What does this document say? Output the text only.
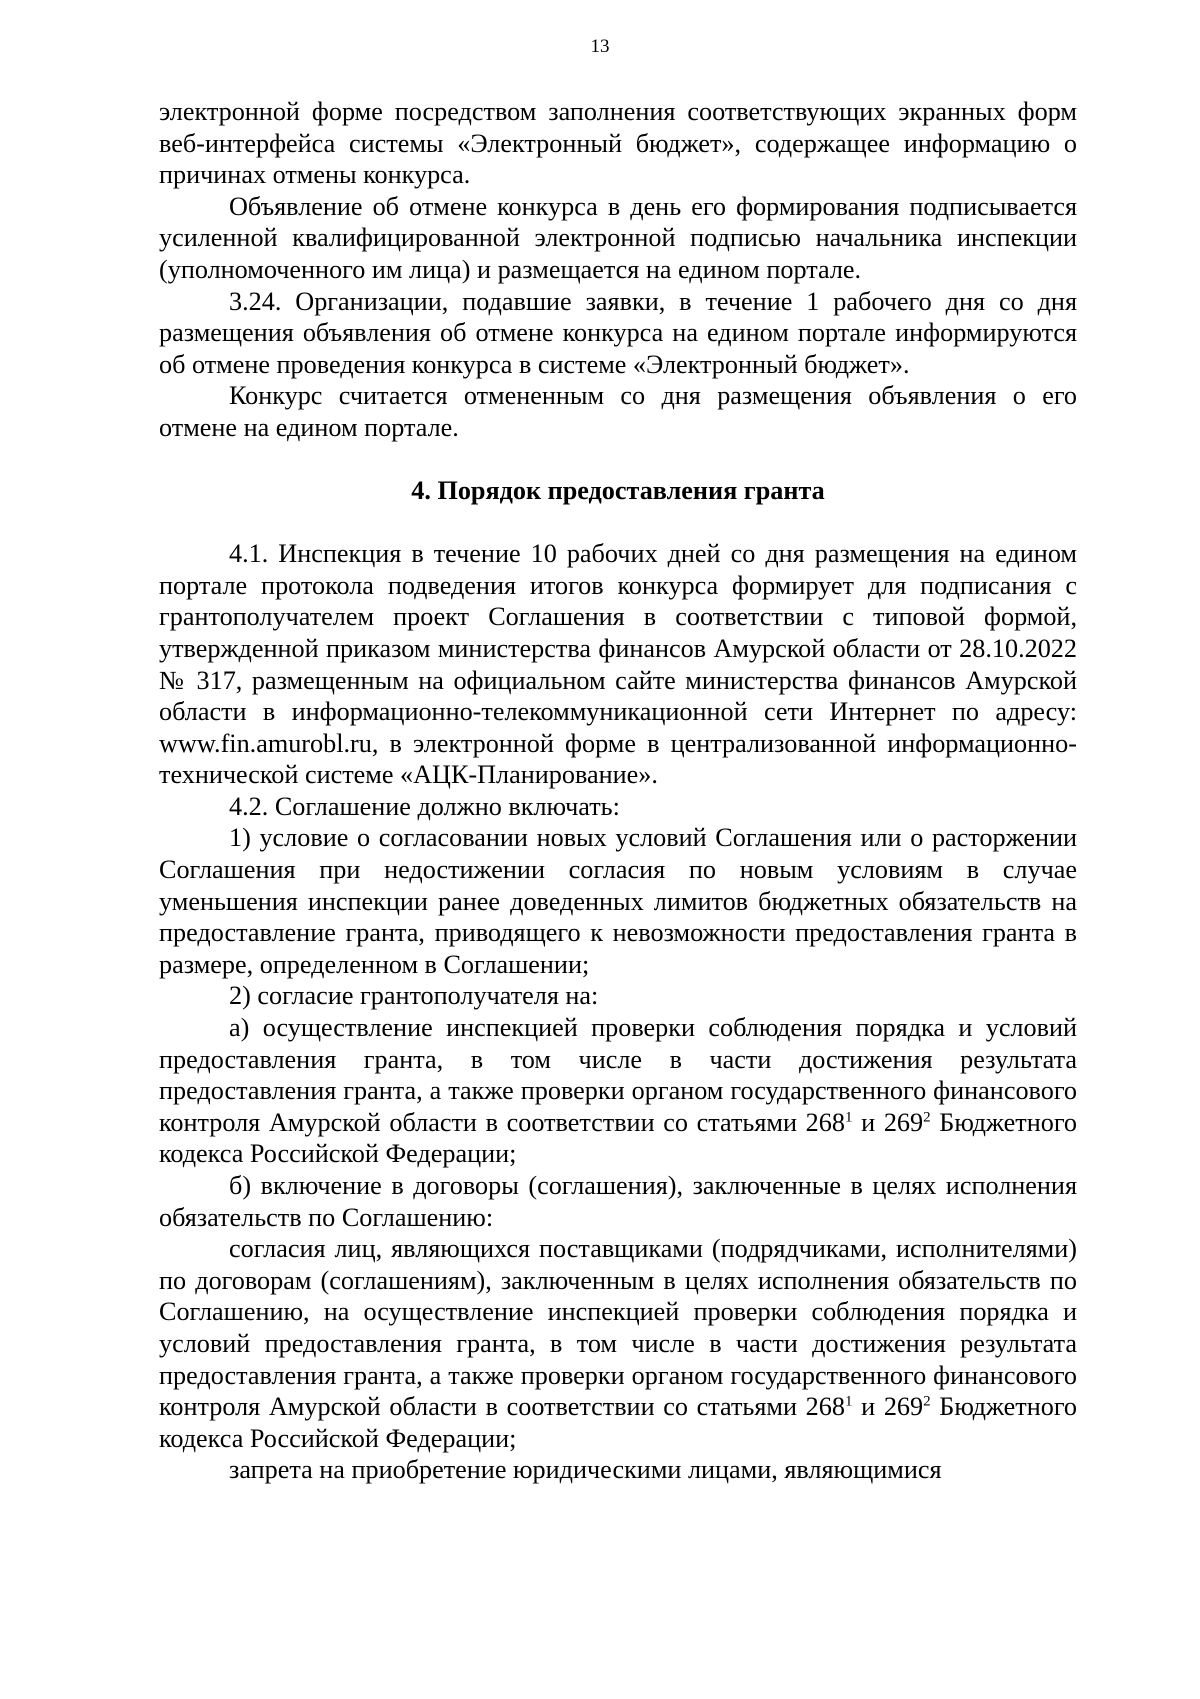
13

электронной форме посредством заполнения соответствующих экранных форм веб-интерфейса системы «Электронный бюджет», содержащее информацию о причинах отмены конкурса.

Объявление об отмене конкурса в день его формирования подписывается усиленной квалифицированной электронной подписью начальника инспекции (уполномоченного им лица) и размещается на едином портале.

3.24. Организации, подавшие заявки, в течение 1 рабочего дня со дня размещения объявления об отмене конкурса на едином портале информируются об отмене проведения конкурса в системе «Электронный бюджет».

Конкурс считается отмененным со дня размещения объявления о его отмене на едином портале.

4. Порядок предоставления гранта

4.1. Инспекция в течение 10 рабочих дней со дня размещения на едином портале протокола подведения итогов конкурса формирует для подписания с грантополучателем проект Соглашения в соответствии с типовой формой, утвержденной приказом министерства финансов Амурской области от 28.10.2022 № 317, размещенным на официальном сайте министерства финансов Амурской области в информационно-телекоммуникационной сети Интернет по адресу: www.fin.amurobl.ru, в электронной форме в централизованной информационно-технической системе «АЦК-Планирование».

4.2. Соглашение должно включать:

1) условие о согласовании новых условий Соглашения или о расторжении Соглашения при недостижении согласия по новым условиям в случае уменьшения инспекции ранее доведенных лимитов бюджетных обязательств на предоставление гранта, приводящего к невозможности предоставления гранта в размере, определенном в Соглашении;

2) согласие грантополучателя на:

а) осуществление инспекцией проверки соблюдения порядка и условий предоставления гранта, в том числе в части достижения результата предоставления гранта, а также проверки органом государственного финансового контроля Амурской области в соответствии со статьями $268^1$ и $269^2$ Бюджетного кодекса Российской Федерации;

б) включение в договоры (соглашения), заключенные в целях исполнения обязательств по Соглашению:

согласия лиц, являющихся поставщиками (подрядчиками, исполнителями) по договорам (соглашениям), заключенным в целях исполнения обязательств по Соглашению, на осуществление инспекцией проверки соблюдения порядка и условий предоставления гранта, в том числе в части достижения результата предоставления гранта, а также проверки органом государственного финансового контроля Амурской области в соответствии со статьями $268^1$ и $269^2$ Бюджетного кодекса Российской Федерации;

запрета на приобретение юридическими лицами, являющимися
